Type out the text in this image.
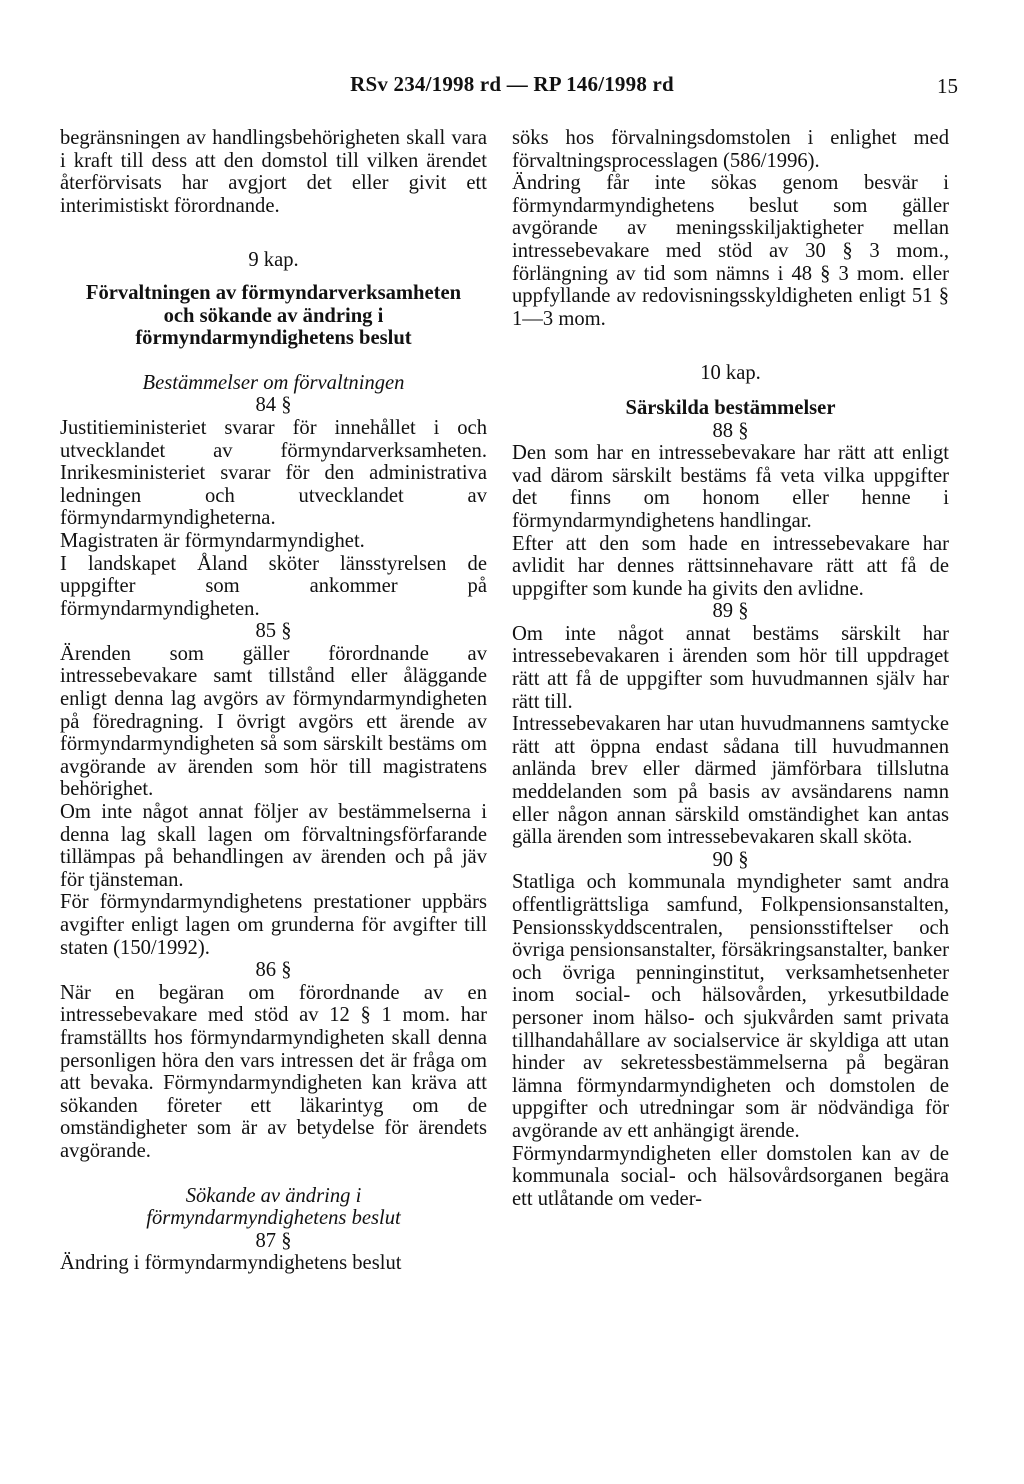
RSv 234/1998 rd — RP 146/1998 rd	15

begränsningen av handlingsbehörigheten skall vara i kraft till dess att den domstol till vilken ärendet återförvisats har avgjort det eller givit ett interimistiskt förordnande.

9 kap.

Förvaltningen av förmyndarverksamheten och sökande av ändring i förmyndarmyndighetens beslut

Bestämmelser om förvaltningen

84 §

Justitieministeriet svarar för innehållet i och utvecklandet av förmyndarverksamheten. Inrikesministeriet svarar för den administrativa ledningen och utvecklandet av förmyndarmyndigheterna.

Magistraten är förmyndarmyndighet.

I landskapet Åland sköter länsstyrelsen de uppgifter som ankommer på förmyndarmyndigheten.

85 §

Ärenden som gäller förordnande av intressebevakare samt tillstånd eller åläggande enligt denna lag avgörs av förmyndarmyndigheten på föredragning. I övrigt avgörs ett ärende av förmyndarmyndigheten så som särskilt bestäms om avgörande av ärenden som hör till magistratens behörighet.

Om inte något annat följer av bestämmelserna i denna lag skall lagen om förvaltningsförfarande tillämpas på behandlingen av ärenden och på jäv för tjänsteman.

För förmyndarmyndighetens prestationer uppbärs avgifter enligt lagen om grunderna för avgifter till staten (150/1992).

86 §

När en begäran om förordnande av en intressebevakare med stöd av 12 § 1 mom. har framställts hos förmyndarmyndigheten skall denna personligen höra den vars intressen det är fråga om att bevaka. Förmyndarmyndigheten kan kräva att sökanden företer ett läkarintyg om de omständigheter som är av betydelse för ärendets avgörande.

Sökande av ändring i förmyndarmyndighetens beslut

87 §

Ändring i förmyndarmyndighetens beslut

söks hos förvalningsdomstolen i enlighet med förvaltningsprocesslagen (586/1996).

Ändring får inte sökas genom besvär i förmyndarmyndighetens beslut som gäller avgörande av meningsskiljaktigheter mellan intressebevakare med stöd av 30 § 3 mom., förlängning av tid som nämns i 48 § 3 mom. eller uppfyllande av redovisningsskyldigheten enligt 51 § 1—3 mom.

10 kap.

Särskilda bestämmelser

88 §

Den som har en intressebevakare har rätt att enligt vad därom särskilt bestäms få veta vilka uppgifter det finns om honom eller henne i förmyndarmyndighetens handlingar.

Efter att den som hade en intressebevakare har avlidit har dennes rättsinnehavare rätt att få de uppgifter som kunde ha givits den avlidne.

89 §

Om inte något annat bestäms särskilt har intressebevakaren i ärenden som hör till uppdraget rätt att få de uppgifter som huvudmannen själv har rätt till.

Intressebevakaren har utan huvudmannens samtycke rätt att öppna endast sådana till huvudmannen anlända brev eller därmed jämförbara tillslutna meddelanden som på basis av avsändarens namn eller någon annan särskild omständighet kan antas gälla ärenden som intressebevakaren skall sköta.

90 §

Statliga och kommunala myndigheter samt andra offentligrättsliga samfund, Folkpensionsanstalten, Pensionsskyddscentralen, pensionsstiftelser och övriga pensionsanstalter, försäkringsanstalter, banker och övriga penninginstitut, verksamhetsenheter inom social- och hälsovården, yrkesutbildade personer inom hälso- och sjukvården samt privata tillhandahållare av socialservice är skyldiga att utan hinder av sekretessbestämmelserna på begäran lämna förmyndarmyndigheten och domstolen de uppgifter och utredningar som är nödvändiga för avgörande av ett anhängigt ärende.

Förmyndarmyndigheten eller domstolen kan av de kommunala social- och hälsovårdsorganen begära ett utlåtande om veder-
